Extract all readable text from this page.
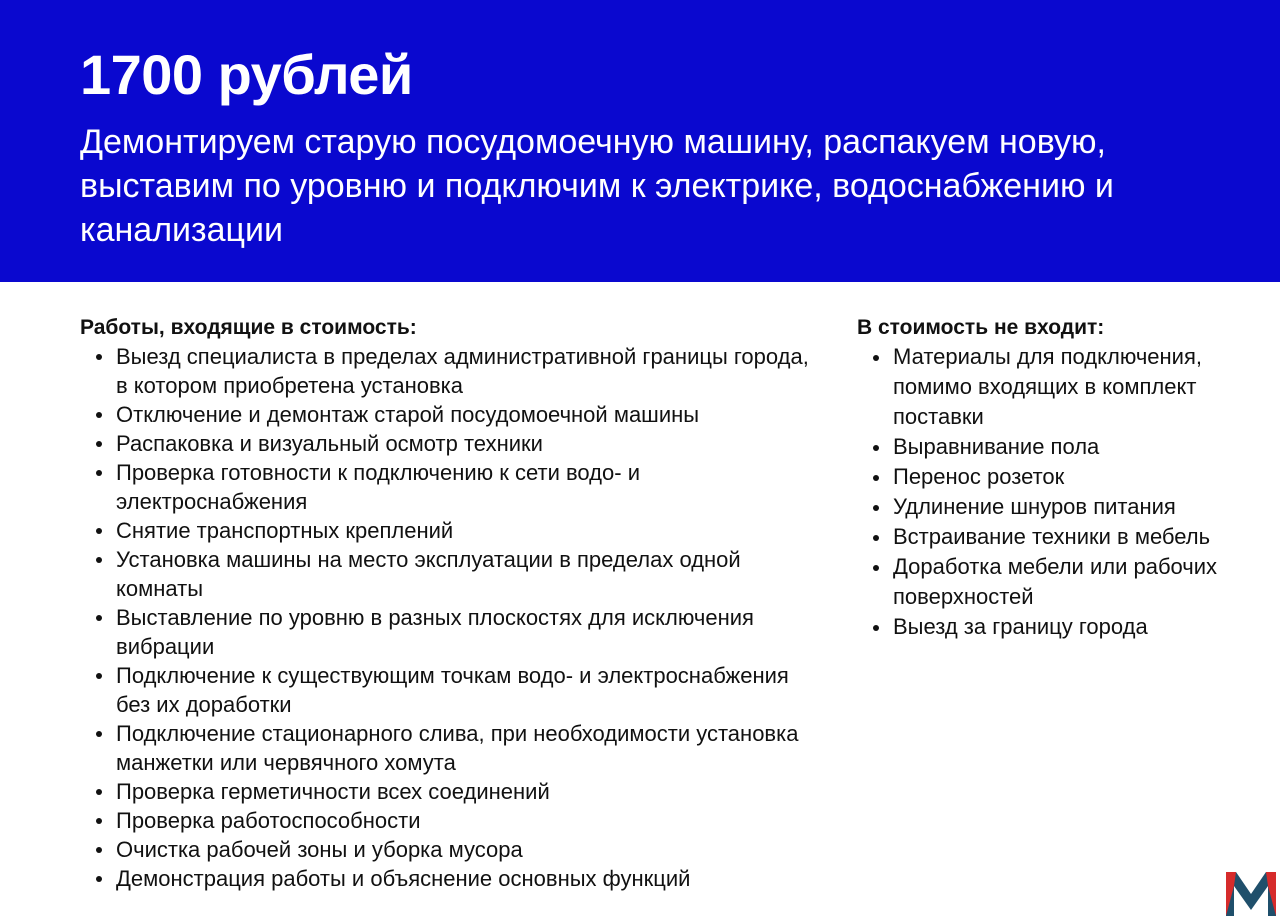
1700 рублей

Демонтируем старую посудомоечную машину, распакуем новую, выставим по уровню и подключим к электрике, водоснабжению и канализации

Работы, входящие в стоимость:
Выезд специалиста в пределах административной границы города, в котором приобретена установка
Отключение и демонтаж старой посудомоечной машины
Распаковка и визуальный осмотр техники
Проверка готовности к подключению к сети водо- и электроснабжения
Снятие транспортных креплений
Установка машины на место эксплуатации в пределах одной комнаты
Выставление по уровню в разных плоскостях для исключения вибрации
Подключение к существующим точкам водо- и электроснабжения без их доработки
Подключение стационарного слива, при необходимости установка манжетки или червячного хомута
Проверка герметичности всех соединений
Проверка работоспособности
Очистка рабочей зоны и уборка мусора
Демонстрация работы и объяснение основных функций
В стоимость не входит:
Материалы для подключения, помимо входящих в комплект поставки
Выравнивание пола
Перенос розеток
Удлинение шнуров питания
Встраивание техники в мебель
Доработка мебели или рабочих поверхностей
Выезд за границу города
